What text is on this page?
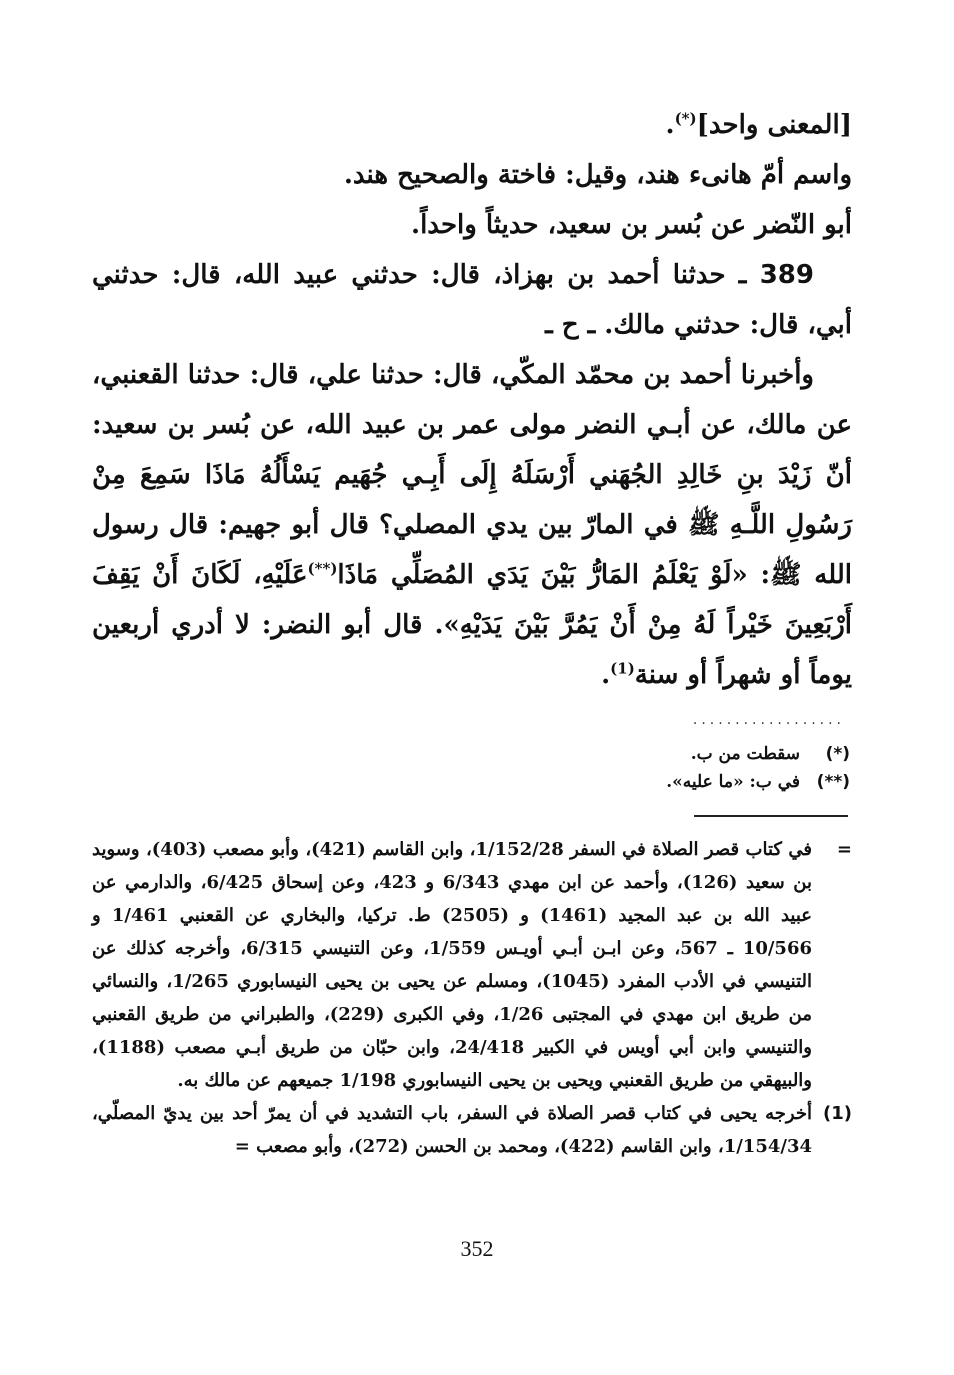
[المعنى واحد](*).

واسم أمّ هانىء هند، وقيل: فاختة والصحيح هند.

أبو النّضر عن بُسر بن سعيد، حديثاً واحداً.

389 ـ حدثنا أحمد بن بهزاذ، قال: حدثني عبيد الله، قال: حدثني أبي، قال: حدثني مالك. ـ ح ـ

وأخبرنا أحمد بن محمّد المكّي، قال: حدثنا علي، قال: حدثنا القعنبي، عن مالك، عن أبـي النضر مولى عمر بن عبيد الله، عن بُسر بن سعيد: أنّ زَيْدَ بنِ خَالِدِ الجُهَني أَرْسَلَهُ إِلَى أَبِـي جُهَيم يَسْأَلُهُ مَاذَا سَمِعَ مِنْ رَسُولِ اللَّـهِ ﷺ في المارّ بين يدي المصلي؟ قال أبو جهيم: قال رسول الله ﷺ: «لَوْ يَعْلَمُ المَارُّ بَيْنَ يَدَي المُصَلِّي مَاذَا(**)عَلَيْهِ، لَكَانَ أَنْ يَقِفَ أَرْبَعِينَ خَيْراً لَهُ مِنْ أَنْ يَمُرَّ بَيْنَ يَدَيْهِ». قال أبو النضر: لا أدري أربعين يوماً أو شهراً أو سنة$^{(1)}$.

..................
(*)
سقطت من ب.
(**)
في ب: «ما عليه».
=
في كتاب قصر الصلاة في السفر 1/152/28، وابن القاسم (421)، وأبو مصعب (403)، وسويد بن سعيد (126)، وأحمد عن ابن مهدي 6/343 و 423، وعن إسحاق 6/425، والدارمي عن عبيد الله بن عبد المجيد (1461) و (2505) ط. تركيا، والبخاري عن القعنبي 1/461 و 10/566 ـ 567، وعن ابـن أبـي أويـس 1/559، وعن التنيسي 6/315، وأخرجه كذلك عن التنيسي في الأدب المفرد (1045)، ومسلم عن يحيى بن يحيى النيسابوري 1/265، والنسائي من طريق ابن مهدي في المجتبى 1/26، وفي الكبرى (229)، والطبراني من طريق القعنبي والتنيسي وابن أبي أويس في الكبير 24/418، وابن حبّان من طريق أبـي مصعب (1188)، والبيهقي من طريق القعنبي ويحيى بن يحيى النيسابوري 1/198 جميعهم عن مالك به.
(1)
أخرجه يحيى في كتاب قصر الصلاة في السفر، باب التشديد في أن يمرّ أحد بين يديّ المصلّي، 1/154/34، وابن القاسم (422)، ومحمد بن الحسن (272)، وأبو مصعب =
352
